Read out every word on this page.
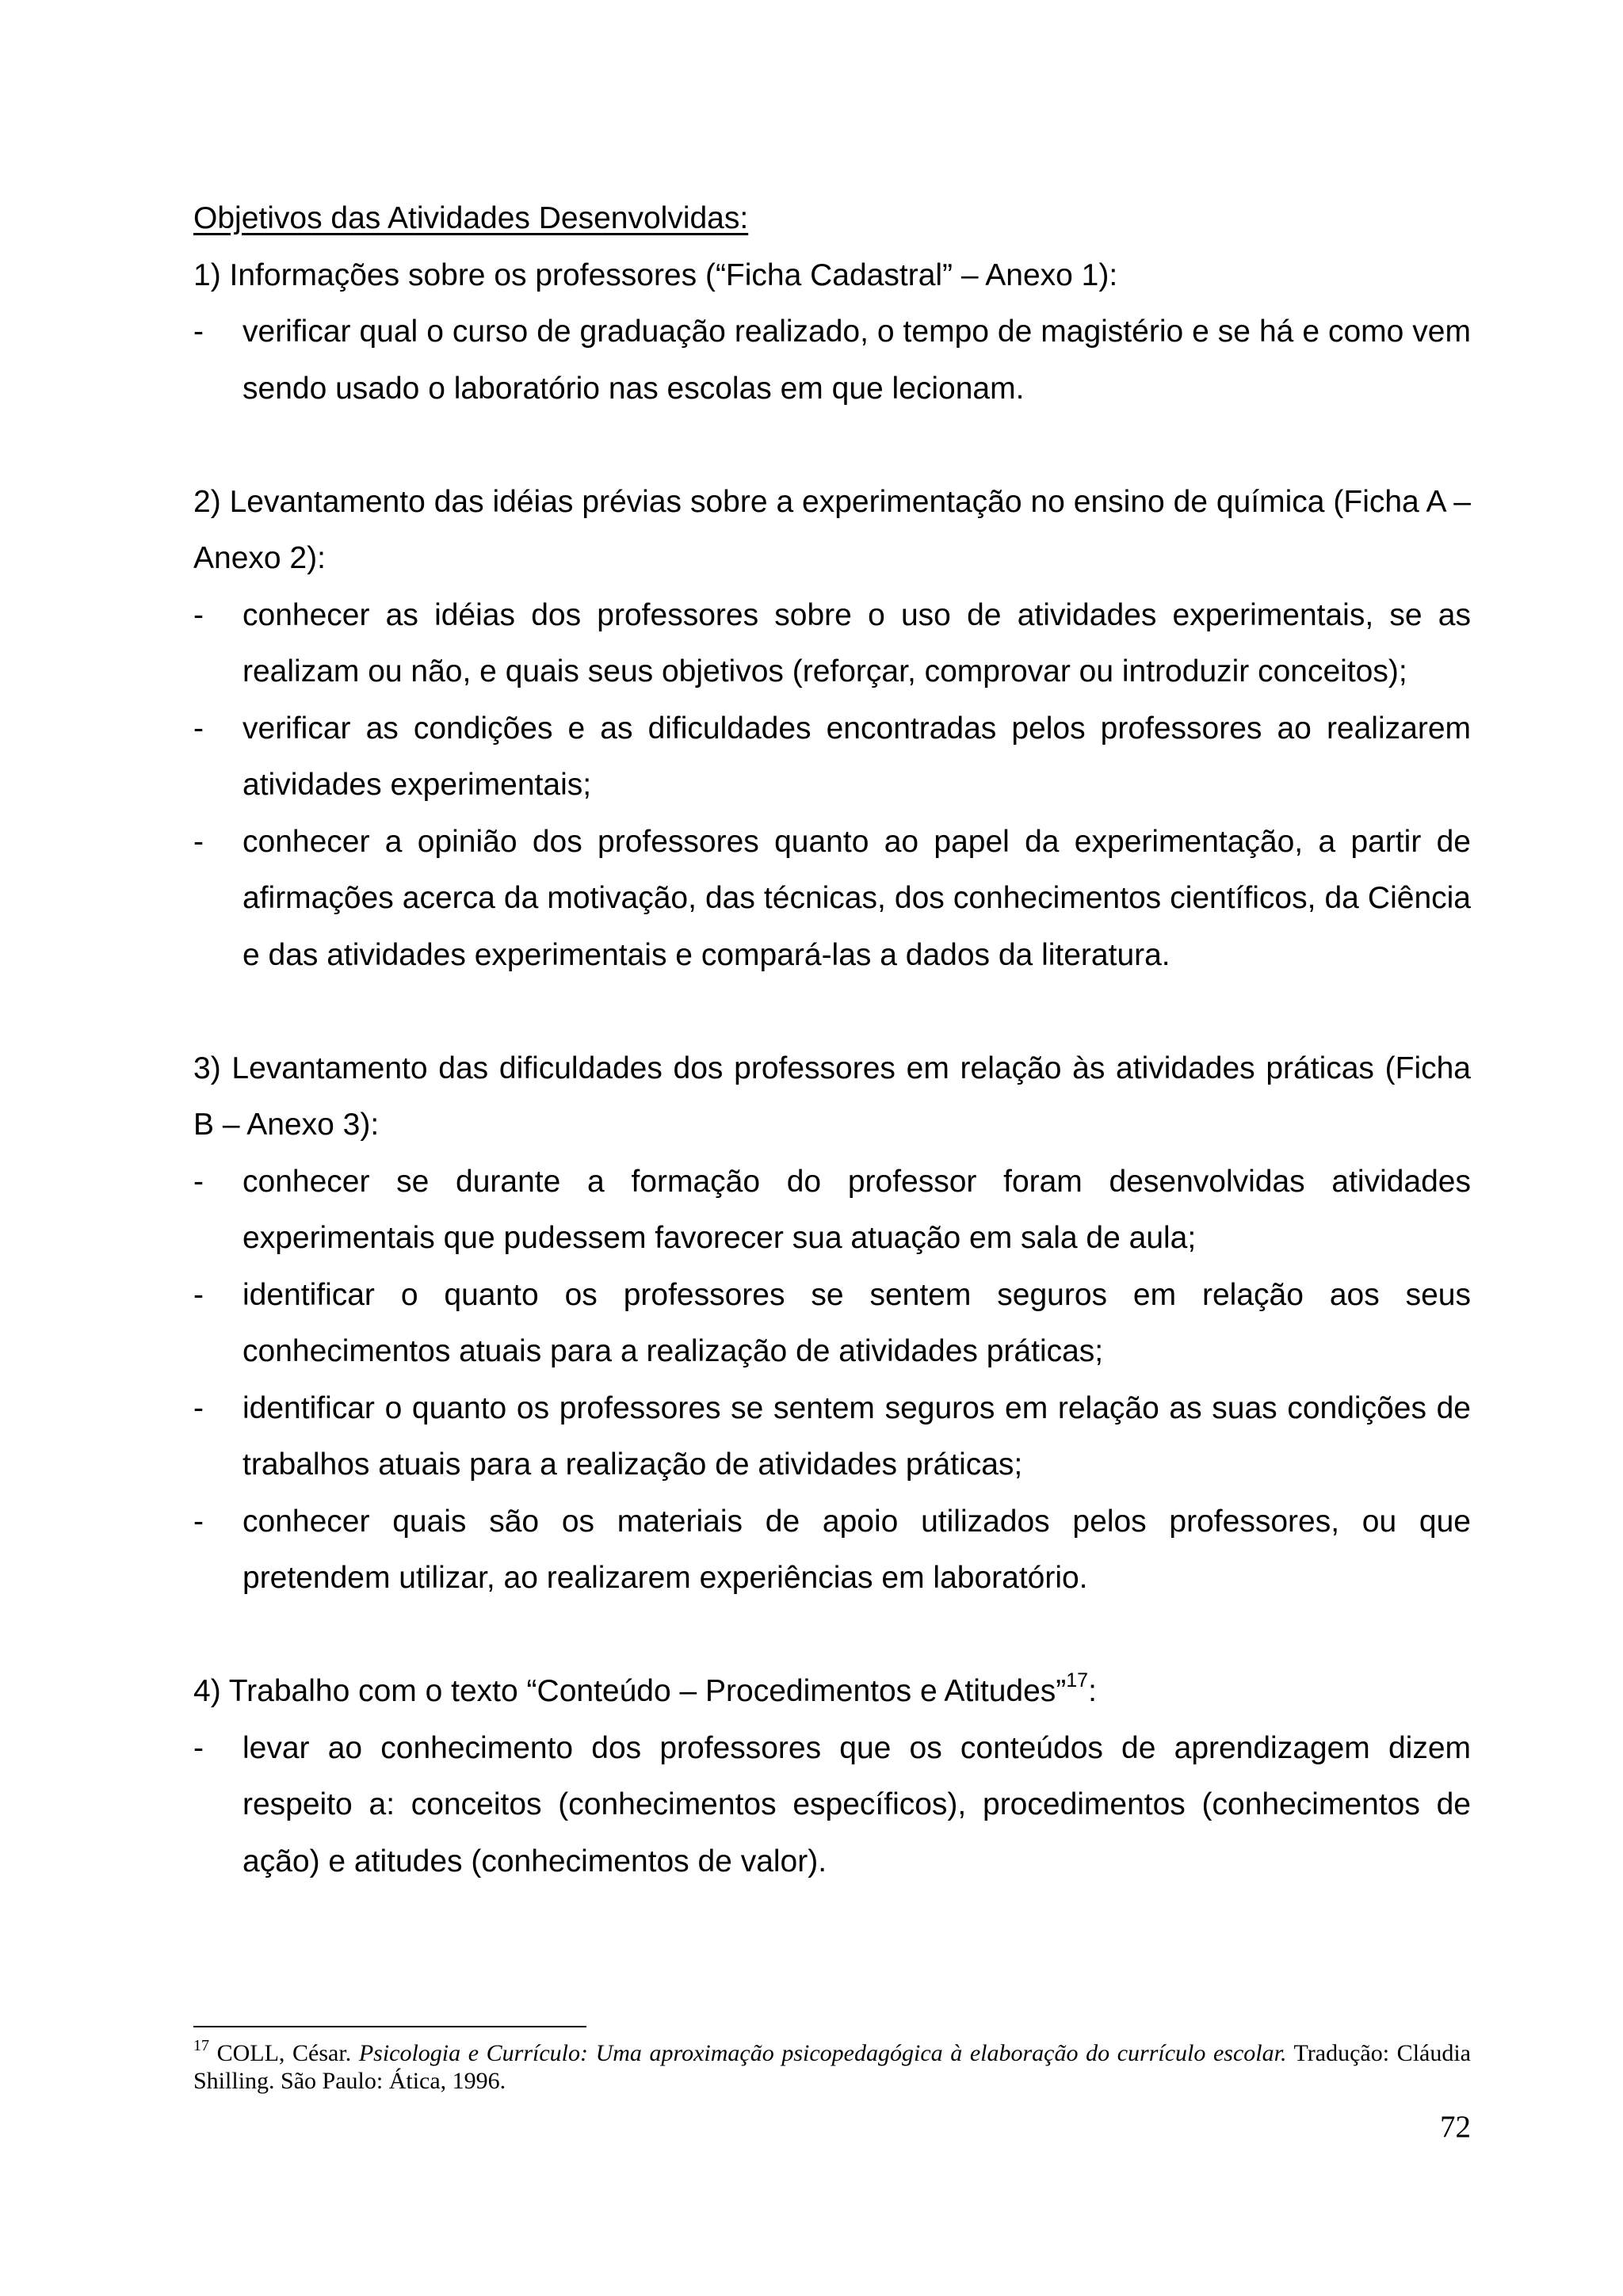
Objetivos das Atividades Desenvolvidas:
1) Informações sobre os professores (“Ficha Cadastral” – Anexo 1):
- verificar qual o curso de graduação realizado, o tempo de magistério e se há e como vem sendo usado o laboratório nas escolas em que lecionam.
2) Levantamento das idéias prévias sobre a experimentação no ensino de química (Ficha A – Anexo 2):
- conhecer as idéias dos professores sobre o uso de atividades experimentais, se as realizam ou não, e quais seus objetivos (reforçar, comprovar ou introduzir conceitos);
- verificar as condições e as dificuldades encontradas pelos professores ao realizarem atividades experimentais;
- conhecer a opinião dos professores quanto ao papel da experimentação, a partir de afirmações acerca da motivação, das técnicas, dos conhecimentos científicos, da Ciência e das atividades experimentais e compará-las a dados da literatura.
3) Levantamento das dificuldades dos professores em relação às atividades práticas (Ficha B – Anexo 3):
- conhecer se durante a formação do professor foram desenvolvidas atividades experimentais que pudessem favorecer sua atuação em sala de aula;
- identificar o quanto os professores se sentem seguros em relação aos seus conhecimentos atuais para a realização de atividades práticas;
- identificar o quanto os professores se sentem seguros em relação as suas condições de trabalhos atuais para a realização de atividades práticas;
- conhecer quais são os materiais de apoio utilizados pelos professores, ou que pretendem utilizar, ao realizarem experiências em laboratório.
4) Trabalho com o texto “Conteúdo – Procedimentos e Atitudes”$^{17}$:
- levar ao conhecimento dos professores que os conteúdos de aprendizagem dizem respeito a: conceitos (conhecimentos específicos), procedimentos (conhecimentos de ação) e atitudes (conhecimentos de valor).
$^{17}$ COLL, César. Psicologia e Currículo: Uma aproximação psicopedagógica à elaboração do currículo escolar. Tradução: Cláudia Shilling. São Paulo: Ática, 1996.
72
